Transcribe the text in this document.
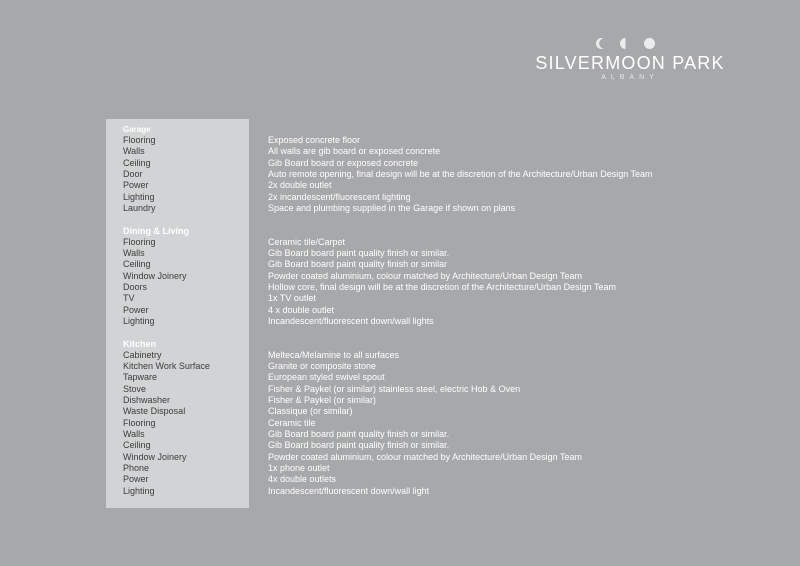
SILVERMOON PARK
ALBANY
Garage
Flooring	Exposed concrete floor
Walls	All walls are gib board or exposed concrete
Ceiling	Gib Board board or exposed concrete
Door	Auto remote opening, final design will be at the discretion of the Architecture/Urban Design Team
Power	2x double outlet
Lighting	2x incandescent/fluorescent lighting
Laundry	Space and plumbing supplied in the Garage if shown on plans
Dining & Living
Flooring	Ceramic tile/Carpet
Walls	Gib Board board paint quality finish or similar.
Ceiling	Gib Board board paint quality finish or similar
Window Joinery	Powder coated aluminium, colour matched by Architecture/Urban Design Team
Doors	Hollow core, final design will be at the discretion of the Architecture/Urban Design Team
TV	1x TV outlet
Power	4 x double outlet
Lighting	Incandescent/fluorescent down/wall lights
Kitchen
Cabinetry	Melteca/Melamine to all surfaces
Kitchen Work Surface	Granite or composite stone
Tapware	European styled swivel spout
Stove	Fisher & Paykel (or similar) stainless steel, electric Hob & Oven
Dishwasher	Fisher & Paykel (or similar)
Waste Disposal	Classique (or similar)
Flooring	Ceramic tile
Walls	Gib Board board paint quality finish or similar.
Ceiling	Gib Board board paint quality finish or similar.
Window Joinery	Powder coated aluminium, colour matched by Architecture/Urban Design Team
Phone	1x phone outlet
Power	4x double outlets
Lighting	Incandescent/fluorescent down/wall light
